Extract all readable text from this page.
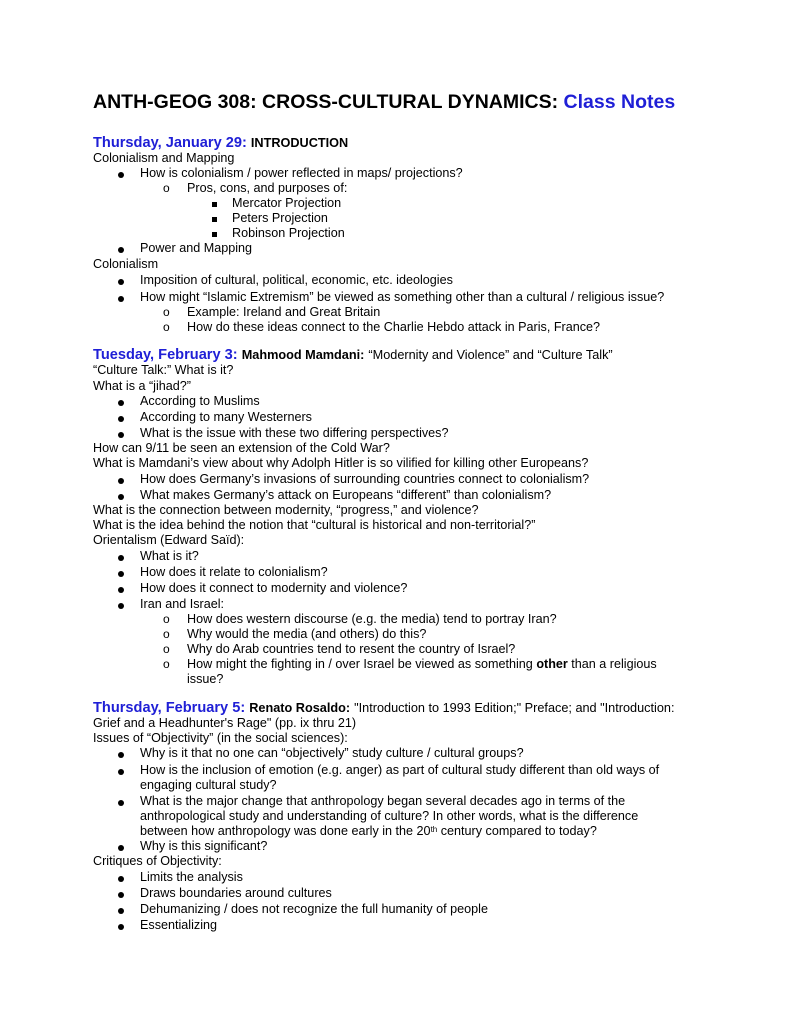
ANTH-GEOG 308: CROSS-CULTURAL DYNAMICS: Class Notes
Thursday, January 29: INTRODUCTION
Colonialism and Mapping
How is colonialism / power reflected in maps/ projections?
o Pros, cons, and purposes of:
Mercator Projection
Peters Projection
Robinson Projection
Power and Mapping
Colonialism
Imposition of cultural, political, economic, etc. ideologies
How might “Islamic Extremism” be viewed as something other than a cultural / religious issue?
o Example: Ireland and Great Britain
o How do these ideas connect to the Charlie Hebdo attack in Paris, France?
Tuesday, February 3: Mahmood Mamdani: “Modernity and Violence” and “Culture Talk”
“Culture Talk:” What is it?
What is a “jihad?”
According to Muslims
According to many Westerners
What is the issue with these two differing perspectives?
How can 9/11 be seen an extension of the Cold War?
What is Mamdani’s view about why Adolph Hitler is so vilified for killing other Europeans?
How does Germany’s invasions of surrounding countries connect to colonialism?
What makes Germany’s attack on Europeans “different” than colonialism?
What is the connection between modernity, “progress,” and violence?
What is the idea behind the notion that “cultural is historical and non-territorial?”
Orientalism (Edward Saïd):
What is it?
How does it relate to colonialism?
How does it connect to modernity and violence?
Iran and Israel:
o How does western discourse (e.g. the media) tend to portray Iran?
o Why would the media (and others) do this?
o Why do Arab countries tend to resent the country of Israel?
o How might the fighting in / over Israel be viewed as something other than a religious
issue?
Thursday, February 5: Renato Rosaldo: "Introduction to 1993 Edition;" Preface; and "Introduction:
Grief and a Headhunter's Rage" (pp. ix thru 21)
Issues of “Objectivity” (in the social sciences):
Why is it that no one can “objectively” study culture / cultural groups?
How is the inclusion of emotion (e.g. anger) as part of cultural study different than old ways of
engaging cultural study?
What is the major change that anthropology began several decades ago in terms of the
anthropological study and understanding of culture? In other words, what is the difference
between how anthropology was done early in the 20th century compared to today?
Why is this significant?
Critiques of Objectivity:
Limits the analysis
Draws boundaries around cultures
Dehumanizing / does not recognize the full humanity of people
Essentializing
